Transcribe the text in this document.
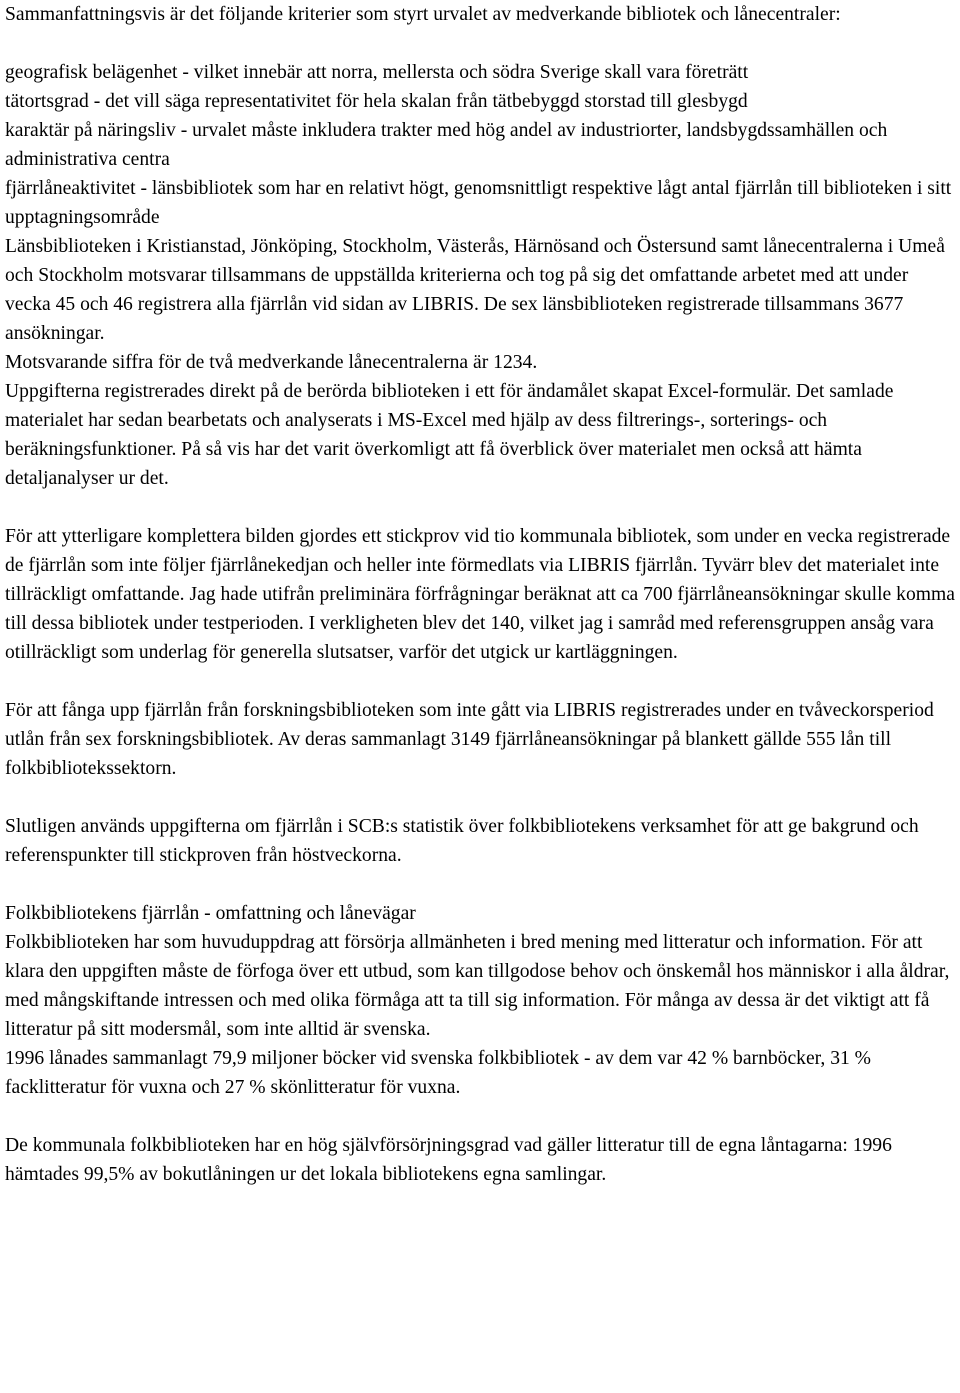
Sammanfattningsvis är det följande kriterier som styrt urvalet av medverkande bibliotek och lånecentraler:

geografisk belägenhet - vilket innebär att norra, mellersta och södra Sverige skall vara företrätt

tätortsgrad - det vill säga representativitet för hela skalan från tätbebyggd storstad till glesbygd

karaktär på näringsliv - urvalet måste inkludera trakter med hög andel av industriorter, landsbygdssamhällen och administrativa centra

fjärrlåneaktivitet - länsbibliotek som har en relativt högt, genomsnittligt respektive lågt antal fjärrlån till biblioteken i sitt upptagningsområde

Länsbiblioteken i Kristianstad, Jönköping, Stockholm, Västerås, Härnösand och Östersund samt lånecentralerna i Umeå och Stockholm motsvarar tillsammans de uppställda kriterierna och tog på sig det omfattande arbetet med att under vecka 45 och 46 registrera alla fjärrlån vid sidan av LIBRIS. De sex länsbiblioteken registrerade tillsammans 3677 ansökningar.

Motsvarande siffra för de två medverkande lånecentralerna är 1234.

Uppgifterna registrerades direkt på de berörda biblioteken i ett för ändamålet skapat Excel-formulär. Det samlade materialet har sedan bearbetats och analyserats i MS-Excel med hjälp av dess filtrerings-, sorterings- och beräkningsfunktioner. På så vis har det varit överkomligt att få överblick över materialet men också att hämta detaljanalyser ur det.

För att ytterligare komplettera bilden gjordes ett stickprov vid tio kommunala bibliotek, som under en vecka registrerade de fjärrlån som inte följer fjärrlånekedjan och heller inte förmedlats via LIBRIS fjärrlån. Tyvärr blev det materialet inte tillräckligt omfattande. Jag hade utifrån preliminära förfrågningar beräknat att ca 700 fjärrlåneansökningar skulle komma till dessa bibliotek under testperioden. I verkligheten blev det 140, vilket jag i samråd med referensgruppen ansåg vara otillräckligt som underlag för generella slutsatser, varför det utgick ur kartläggningen.

För att fånga upp fjärrlån från forskningsbiblioteken som inte gått via LIBRIS registrerades under en tvåveckorsperiod utlån från sex forskningsbibliotek. Av deras sammanlagt 3149 fjärrlåneansökningar på blankett gällde 555 lån till folkbibliotekssektorn.

Slutligen används uppgifterna om fjärrlån i SCB:s statistik över folkbibliotekens verksamhet för att ge bakgrund och referenspunkter till stickproven från höstveckorna.

Folkbibliotekens fjärrlån - omfattning och lånevägar

Folkbiblioteken har som huvuduppdrag att försörja allmänheten i bred mening med litteratur och information. För att klara den uppgiften måste de förfoga över ett utbud, som kan tillgodose behov och önskemål hos människor i alla åldrar, med mångskiftande intressen och med olika förmåga att ta till sig information. För många av dessa är det viktigt att få litteratur på sitt modersmål, som inte alltid är svenska.

1996 lånades sammanlagt 79,9 miljoner böcker vid svenska folkbibliotek - av dem var 42 % barnböcker, 31 % facklitteratur för vuxna och 27 % skönlitteratur för vuxna.

De kommunala folkbiblioteken har en hög självförsörjningsgrad vad gäller litteratur till de egna låntagarna: 1996 hämtades 99,5% av bokutlåningen ur det lokala bibliotekens egna samlingar.
